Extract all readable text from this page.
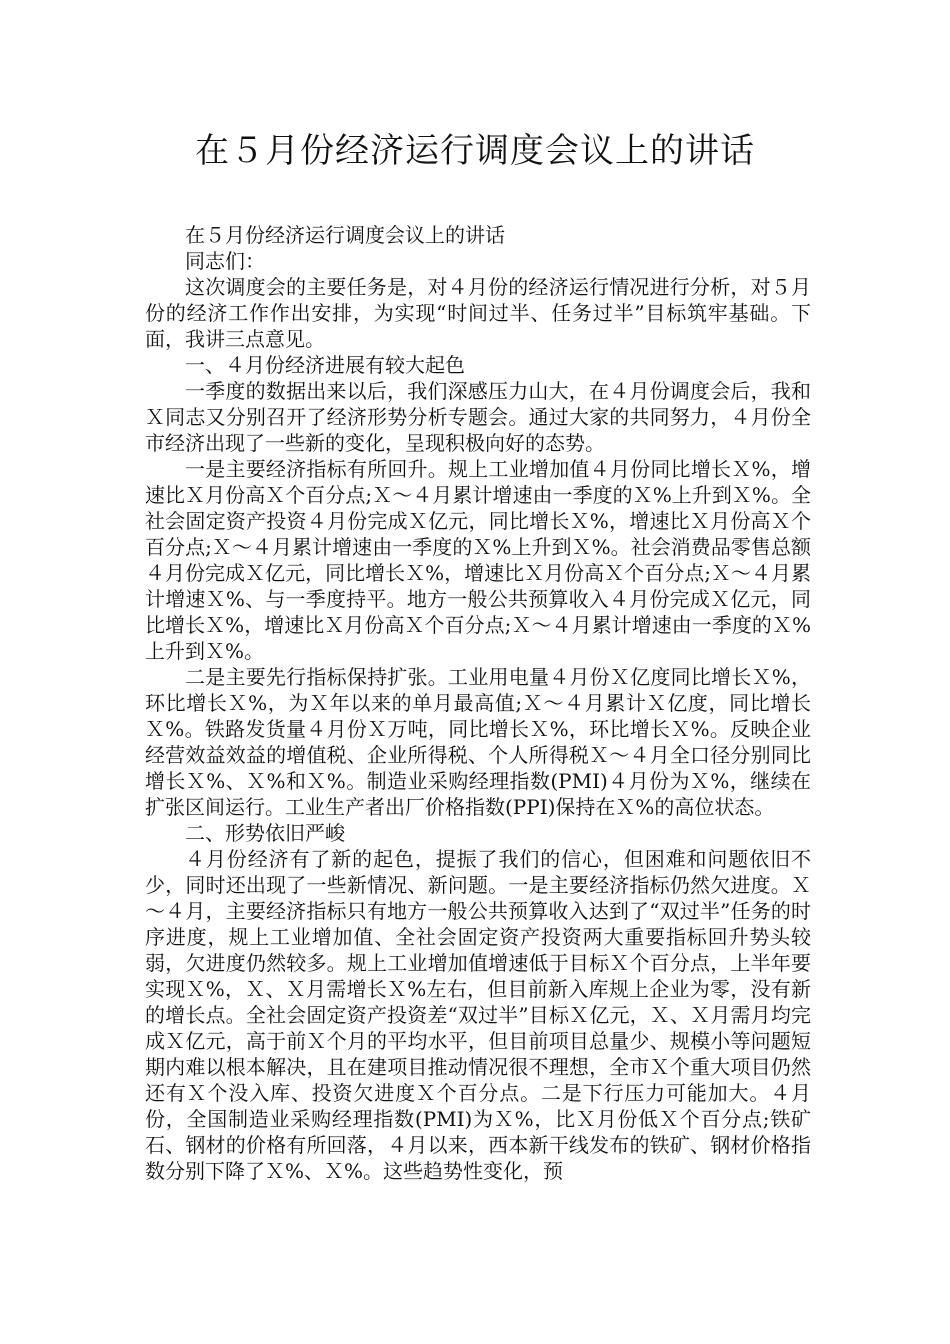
在５月份经济运行调度会议上的讲话

在５月份经济运行调度会议上的讲话

同志们：

这次调度会的主要任务是，对４月份的经济运行情况进行分析，对５月份的经济工作作出安排，为实现“时间过半、任务过半”目标筑牢基础。下面，我讲三点意见。

一、４月份经济进展有较大起色

一季度的数据出来以后，我们深感压力山大，在４月份调度会后，我和Ｘ同志又分别召开了经济形势分析专题会。通过大家的共同努力，４月份全市经济出现了一些新的变化，呈现积极向好的态势。

一是主要经济指标有所回升。规上工业增加值４月份同比增长Ｘ%，增速比Ｘ月份高Ｘ个百分点;Ｘ～４月累计增速由一季度的Ｘ%上升到Ｘ%。全社会固定资产投资４月份完成Ｘ亿元，同比增长Ｘ%，增速比Ｘ月份高Ｘ个百分点;Ｘ～４月累计增速由一季度的Ｘ%上升到Ｘ%。社会消费品零售总额　４月份完成Ｘ亿元，同比增长Ｘ%，增速比Ｘ月份高Ｘ个百分点;Ｘ～４月累计增速Ｘ%、与一季度持平。地方一般公共预算收入４月份完成Ｘ亿元，同比增长Ｘ%，增速比Ｘ月份高Ｘ个百分点;Ｘ～４月累计增速由一季度的Ｘ%上升到Ｘ%。

二是主要先行指标保持扩张。工业用电量４月份Ｘ亿度同比增长Ｘ%，环比增长Ｘ%，为Ｘ年以来的单月最高值;Ｘ～４月累计Ｘ亿度，同比增长Ｘ%。铁路发货量４月份Ｘ万吨，同比增长Ｘ%，环比增长Ｘ%。反映企业经营效益效益的增值税、企业所得税、个人所得税Ｘ～４月全口径分别同比增长Ｘ%、Ｘ%和Ｘ%。制造业采购经理指数(PMI)４月份为Ｘ%，继续在扩张区间运行。工业生产者出厂价格指数(PPI)保持在Ｘ%的高位状态。

二、形势依旧严峻

４月份经济有了新的起色，提振了我们的信心，但困难和问题依旧不少，同时还出现了一些新情况、新问题。一是主要经济指标仍然欠进度。Ｘ～４月，主要经济指标只有地方一般公共预算收入达到了“双过半”任务的时序进度，规上工业增加值、全社会固定资产投资两大重要指标回升势头较弱，欠进度仍然较多。规上工业增加值增速低于目标Ｘ个百分点，上半年要实现Ｘ%，Ｘ、Ｘ月需增长Ｘ%左右，但目前新入库规上企业为零，没有新的增长点。全社会固定资产投资差“双过半”目标Ｘ亿元，Ｘ、Ｘ月需月均完成Ｘ亿元，高于前Ｘ个月的平均水平，但目前项目总量少、规模小等问题短期内难以根本解决，且在建项目推动情况很不理想，全市Ｘ个重大项目仍然还有Ｘ个没入库、投资欠进度Ｘ个百分点。二是下行压力可能加大。４月份，全国制造业采购经理指数(PMI)为Ｘ%，比Ｘ月份低Ｘ个百分点;铁矿石、钢材的价格有所回落，４月以来，西本新干线发布的铁矿、钢材价格指数分别下降了Ｘ%、Ｘ%。这些趋势性变化，预
